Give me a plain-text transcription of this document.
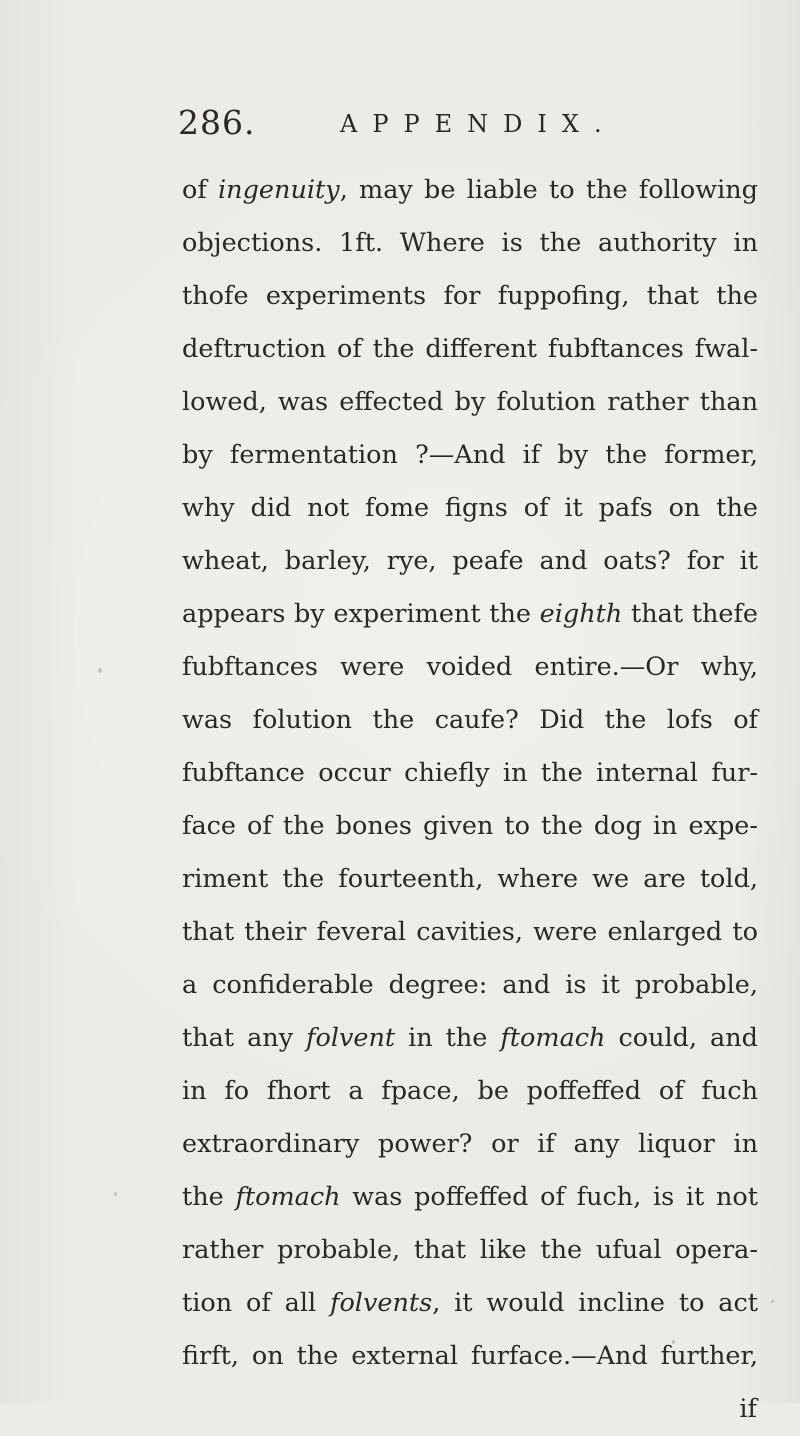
286.	APPENDIX.
of ingenuity, may be liable to the following
objections. 1ft. Where is the authority in
thofe experiments for fuppofing, that the
deftruction of the different fubftances fwal-
lowed, was effected by folution rather than
by fermentation ?—And if by the former,
why did not fome figns of it pafs on the
wheat, barley, rye, peafe and oats? for it
appears by experiment the eighth that thefe
fubftances were voided entire.—Or why,
was folution the caufe? Did the lofs of
fubftance occur chiefly in the internal fur-
face of the bones given to the dog in expe-
riment the fourteenth, where we are told,
that their feveral cavities, were enlarged to
a confiderable degree: and is it probable,
that any folvent in the ftomach could, and
in fo fhort a fpace, be poffeffed of fuch
extraordinary power? or if any liquor in
the ftomach was poffeffed of fuch, is it not
rather probable, that like the ufual opera-
tion of all folvents, it would incline to act
firft, on the external furface.—And further,
if
